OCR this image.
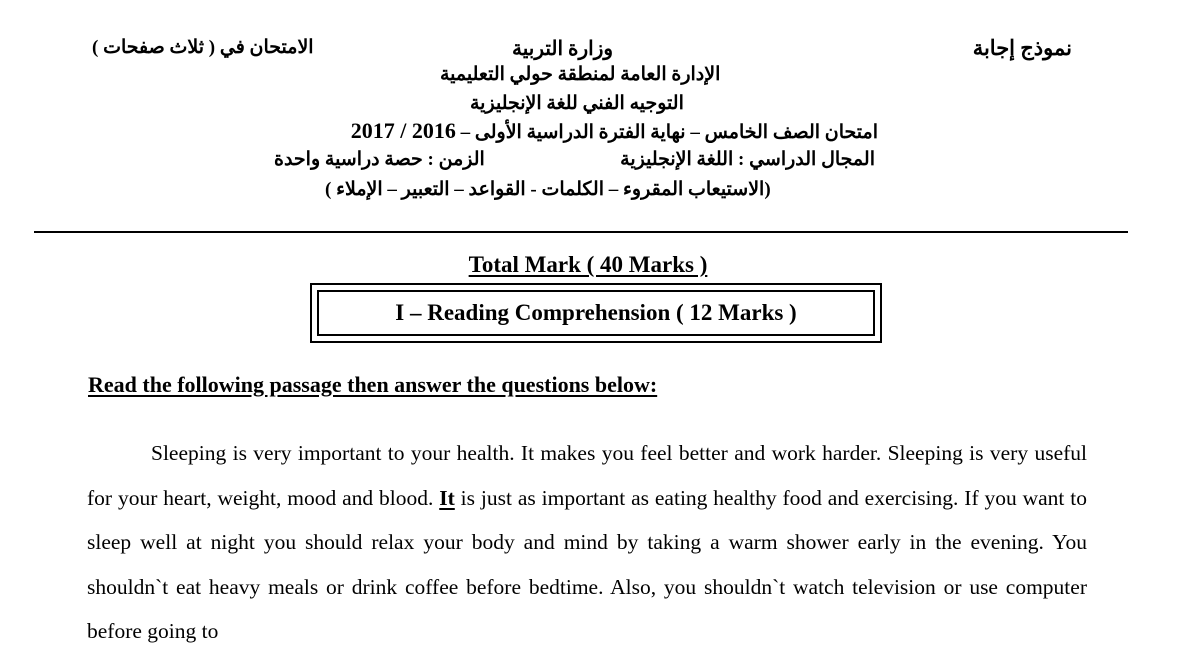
نموذج إجابة
وزارة التربية
الامتحان في ( ثلاث صفحات )
الإدارة العامة لمنطقة حولي التعليمية
التوجيه الفني للغة الإنجليزية
امتحان الصف الخامس – نهاية الفترة الدراسية الأولى – 2017 / 2016
المجال الدراسي : اللغة الإنجليزية
الزمن : حصة دراسية واحدة
(الاستيعاب المقروء – الكلمات - القواعد – التعبير – الإملاء )
Total Mark ( 40 Marks )
I – Reading Comprehension ( 12 Marks )
Read the following passage then answer the questions below:
Sleeping is very important to your health. It makes you feel better and work harder. Sleeping is very useful for your heart, weight, mood and blood. It is just as important as eating healthy food and exercising. If you want to sleep well at night you should relax your body and mind by taking a warm shower early in the evening. You shouldn`t eat heavy meals or drink coffee before bedtime. Also, you shouldn`t watch television or use computer before going to
